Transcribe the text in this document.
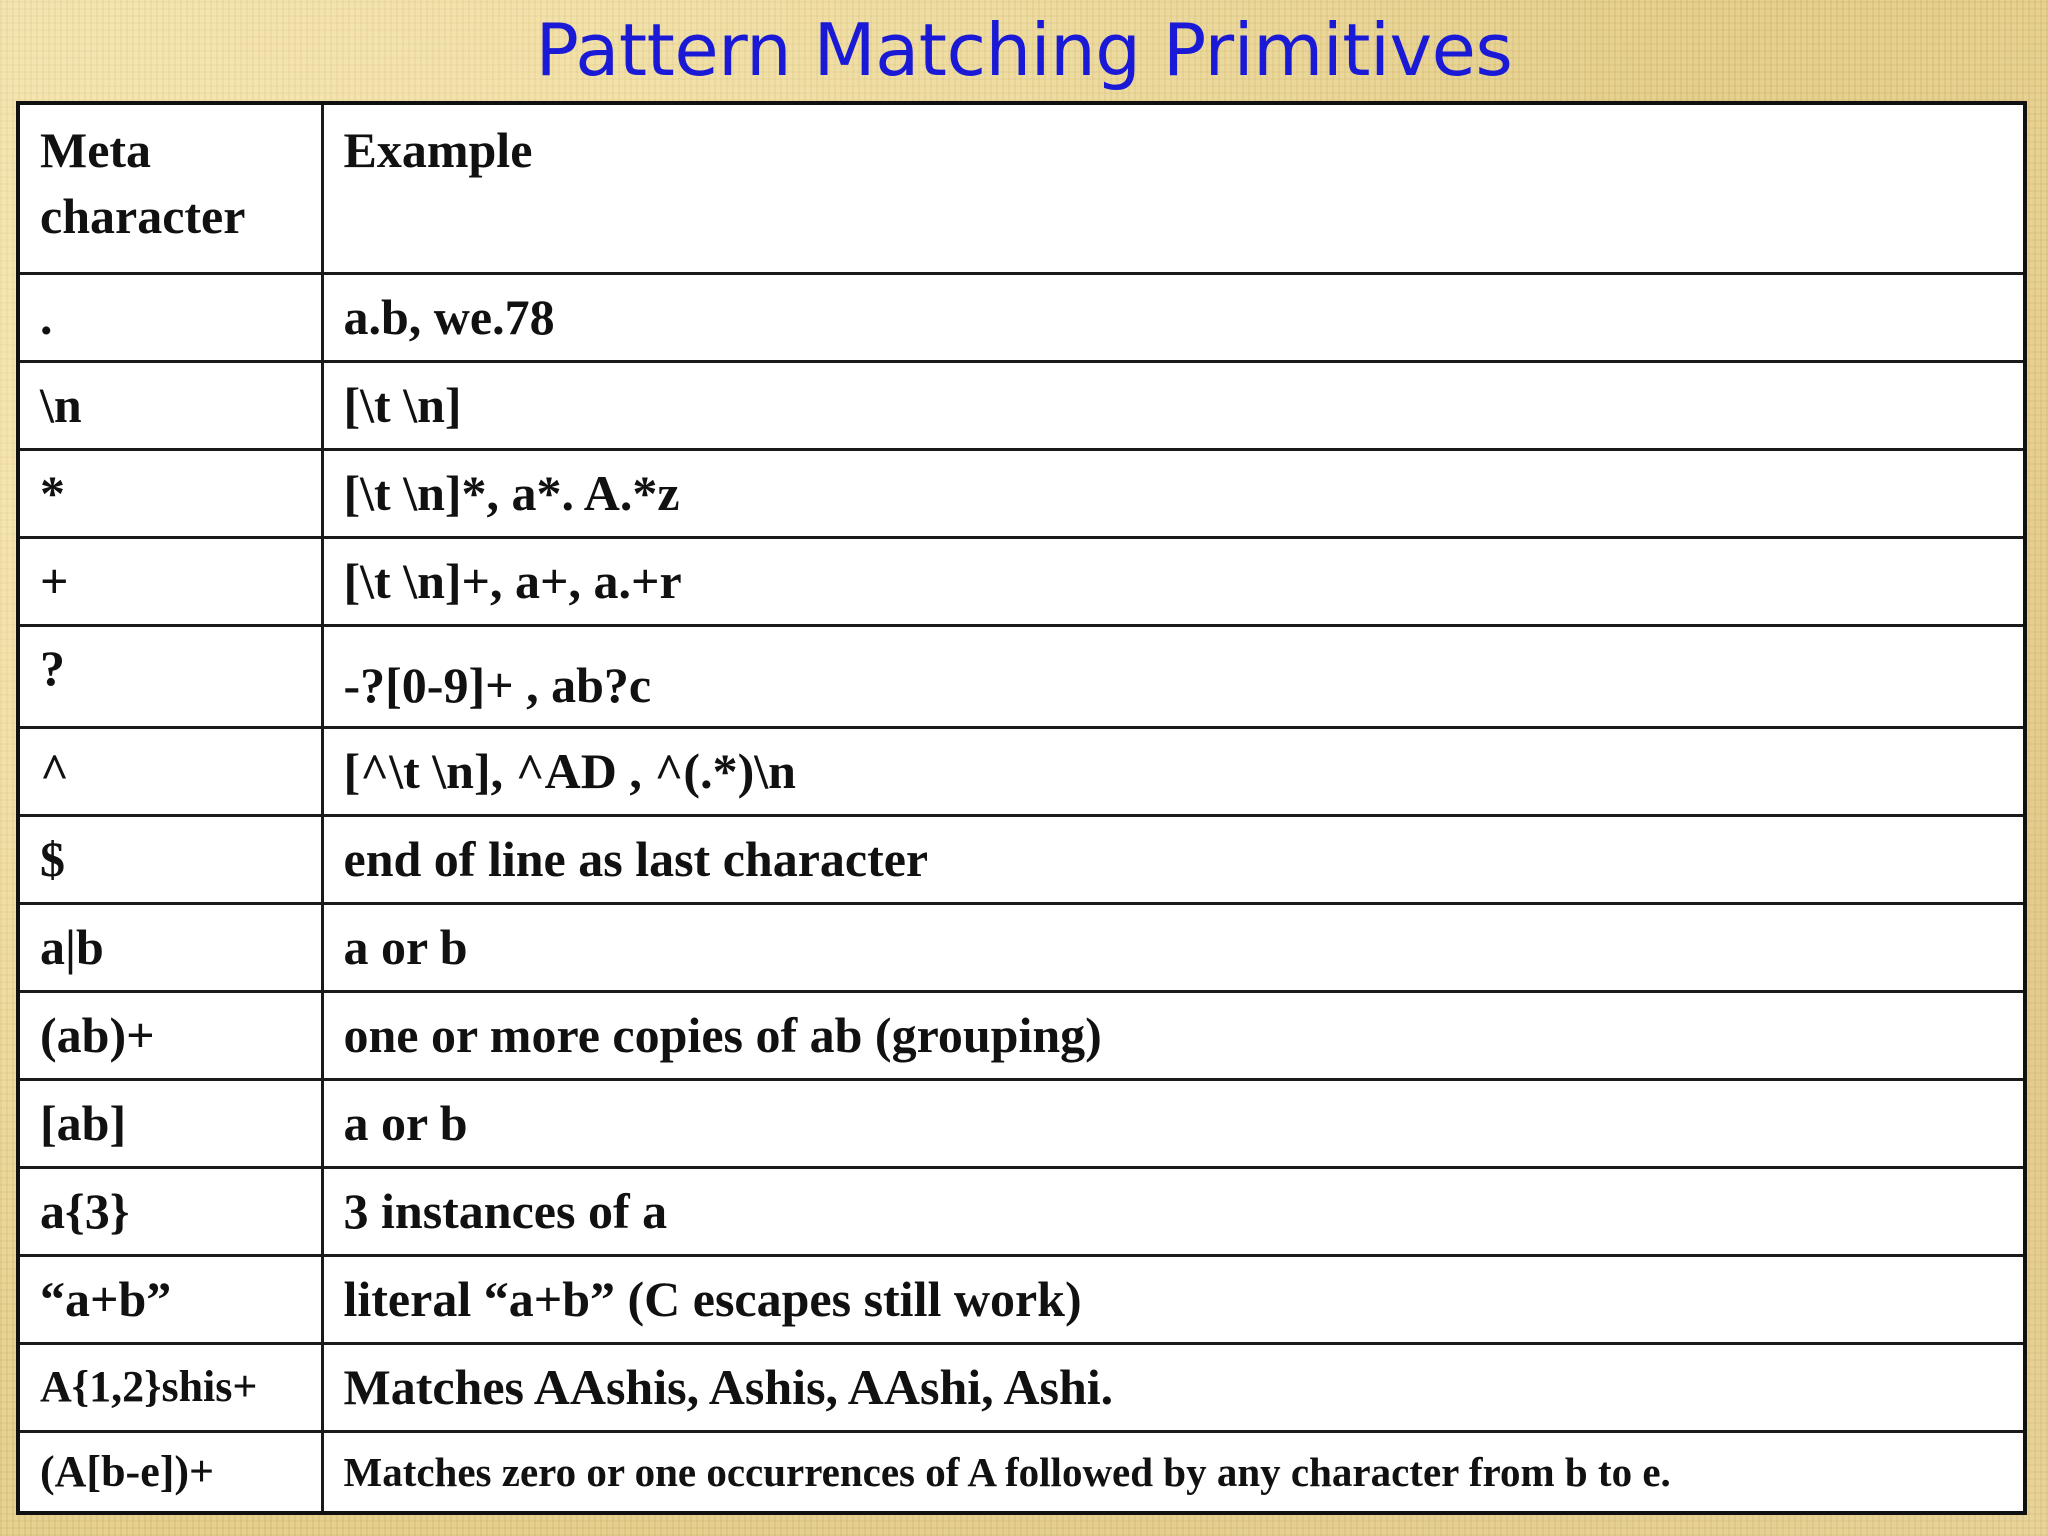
Pattern Matching Primitives
Meta
character	Example
.	a.b, we.78
\n	[\t \n]
*	[\t \n]*, a*. A.*z
+	[\t \n]+, a+, a.+r
?	-?[0-9]+ , ab?c
^	[^\t \n], ^AD , ^(.*)\n
$	end of line as last character
a|b	a or b
(ab)+	one or more copies of ab (grouping)
[ab]	a or b
a{3}	3 instances of a
“a+b”	literal “a+b” (C escapes still work)
A{1,2}shis+	Matches AAshis, Ashis, AAshi, Ashi.
(A[b-e])+	Matches zero or one occurrences of A followed by any character from b to e.
